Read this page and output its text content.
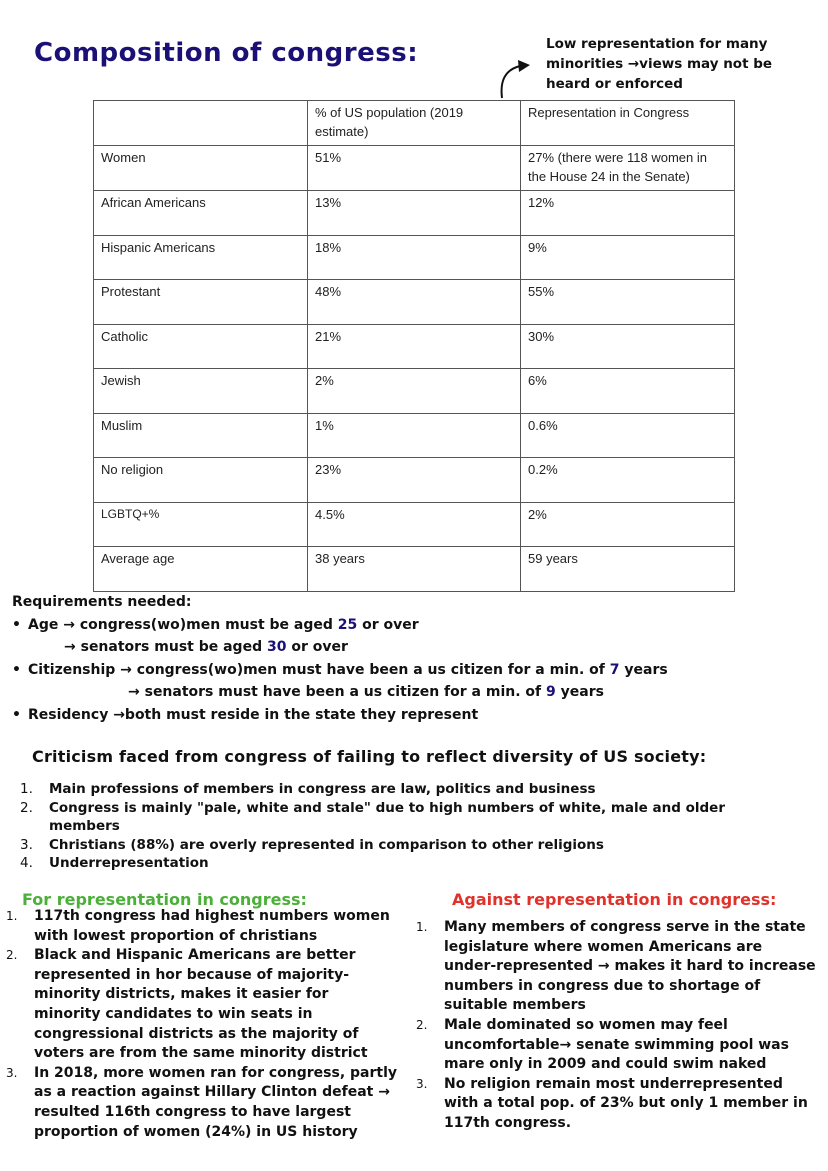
Composition of congress:	Low representation for many minorities →views may not be heard or enforced
	% of US population (2019 estimate)	Representation in Congress
Women	51%	27% (there were 118 women in the House 24 in the Senate)
African Americans	13%	12%
Hispanic Americans	18%	9%
Protestant	48%	55%
Catholic	21%	30%
Jewish	2%	6%
Muslim	1%	0.6%
No religion	23%	0.2%
LGBTQ+%	4.5%	2%
Average age	38 years	59 years
Requirements needed:
• Age → congress(wo)men must be aged 25 or over
→ senators must be aged 30 or over
• Citizenship → congress(wo)men must have been a us citizen for a min. of 7 years
→ senators must have been a us citizen for a min. of 9 years
• Residency →both must reside in the state they represent
Criticism faced from congress of failing to reflect diversity of US society:
1.	Main professions of members in congress are law, politics and business
2.	Congress is mainly "pale, white and stale" due to high numbers of white, male and older members
3.	Christians (88%) are overly represented in comparison to other religions
4.	Underrepresentation
For representation in congress:
1.	117th congress had highest numbers women with lowest proportion of christians
2.	Black and Hispanic Americans are better represented in hor because of majority-minority districts, makes it easier for minority candidates to win seats in congressional districts as the majority of voters are from the same minority district
3.	In 2018, more women ran for congress, partly as a reaction against Hillary Clinton defeat → resulted 116th congress to have largest proportion of women (24%) in US history
Against representation in congress:
1.	Many members of congress serve in the state legislature where women Americans are under-represented → makes it hard to increase numbers in congress due to shortage of suitable members
2.	Male dominated so women may feel uncomfortable→ senate swimming pool was mare only in 2009 and could swim naked
3.	No religion remain most underrepresented with a total pop. of 23% but only 1 member in 117th congress.
